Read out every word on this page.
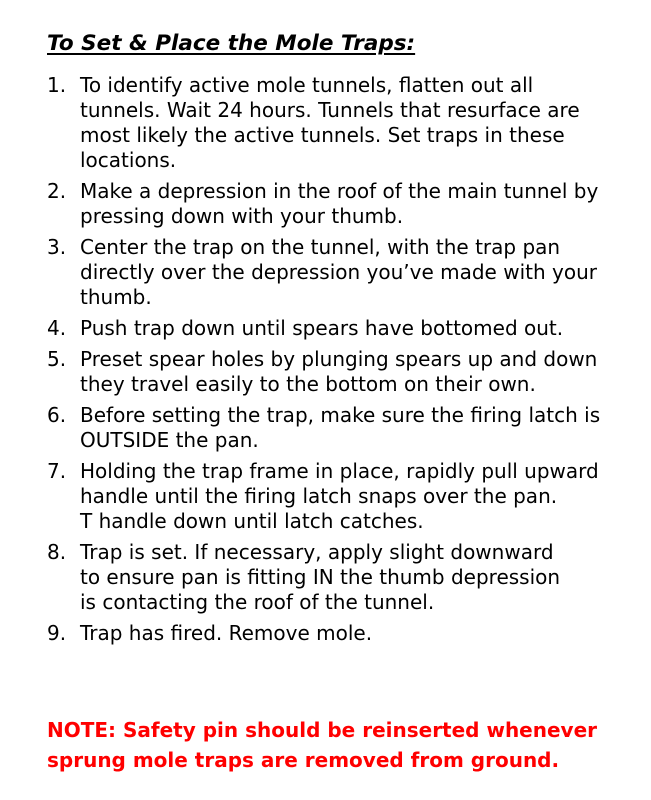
To Set & Place the Mole Traps:
1. To identify active mole tunnels, flatten out all
tunnels. Wait 24 hours. Tunnels that resurface are
most likely the active tunnels. Set traps in these
locations.
2. Make a depression in the roof of the main tunnel by
pressing down with your thumb.
3. Center the trap on the tunnel, with the trap pan
directly over the depression you’ve made with your
thumb.
4. Push trap down until spears have bottomed out.
5. Preset spear holes by plunging spears up and down
they travel easily to the bottom on their own.
6. Before setting the trap, make sure the firing latch is
OUTSIDE the pan.
7. Holding the trap frame in place, rapidly pull upward
handle until the firing latch snaps over the pan.
T handle down until latch catches.
8. Trap is set. If necessary, apply slight downward
to ensure pan is fitting IN the thumb depression
is contacting the roof of the tunnel.
9. Trap has fired. Remove mole.
NOTE: Safety pin should be reinserted whenever
sprung mole traps are removed from ground.
